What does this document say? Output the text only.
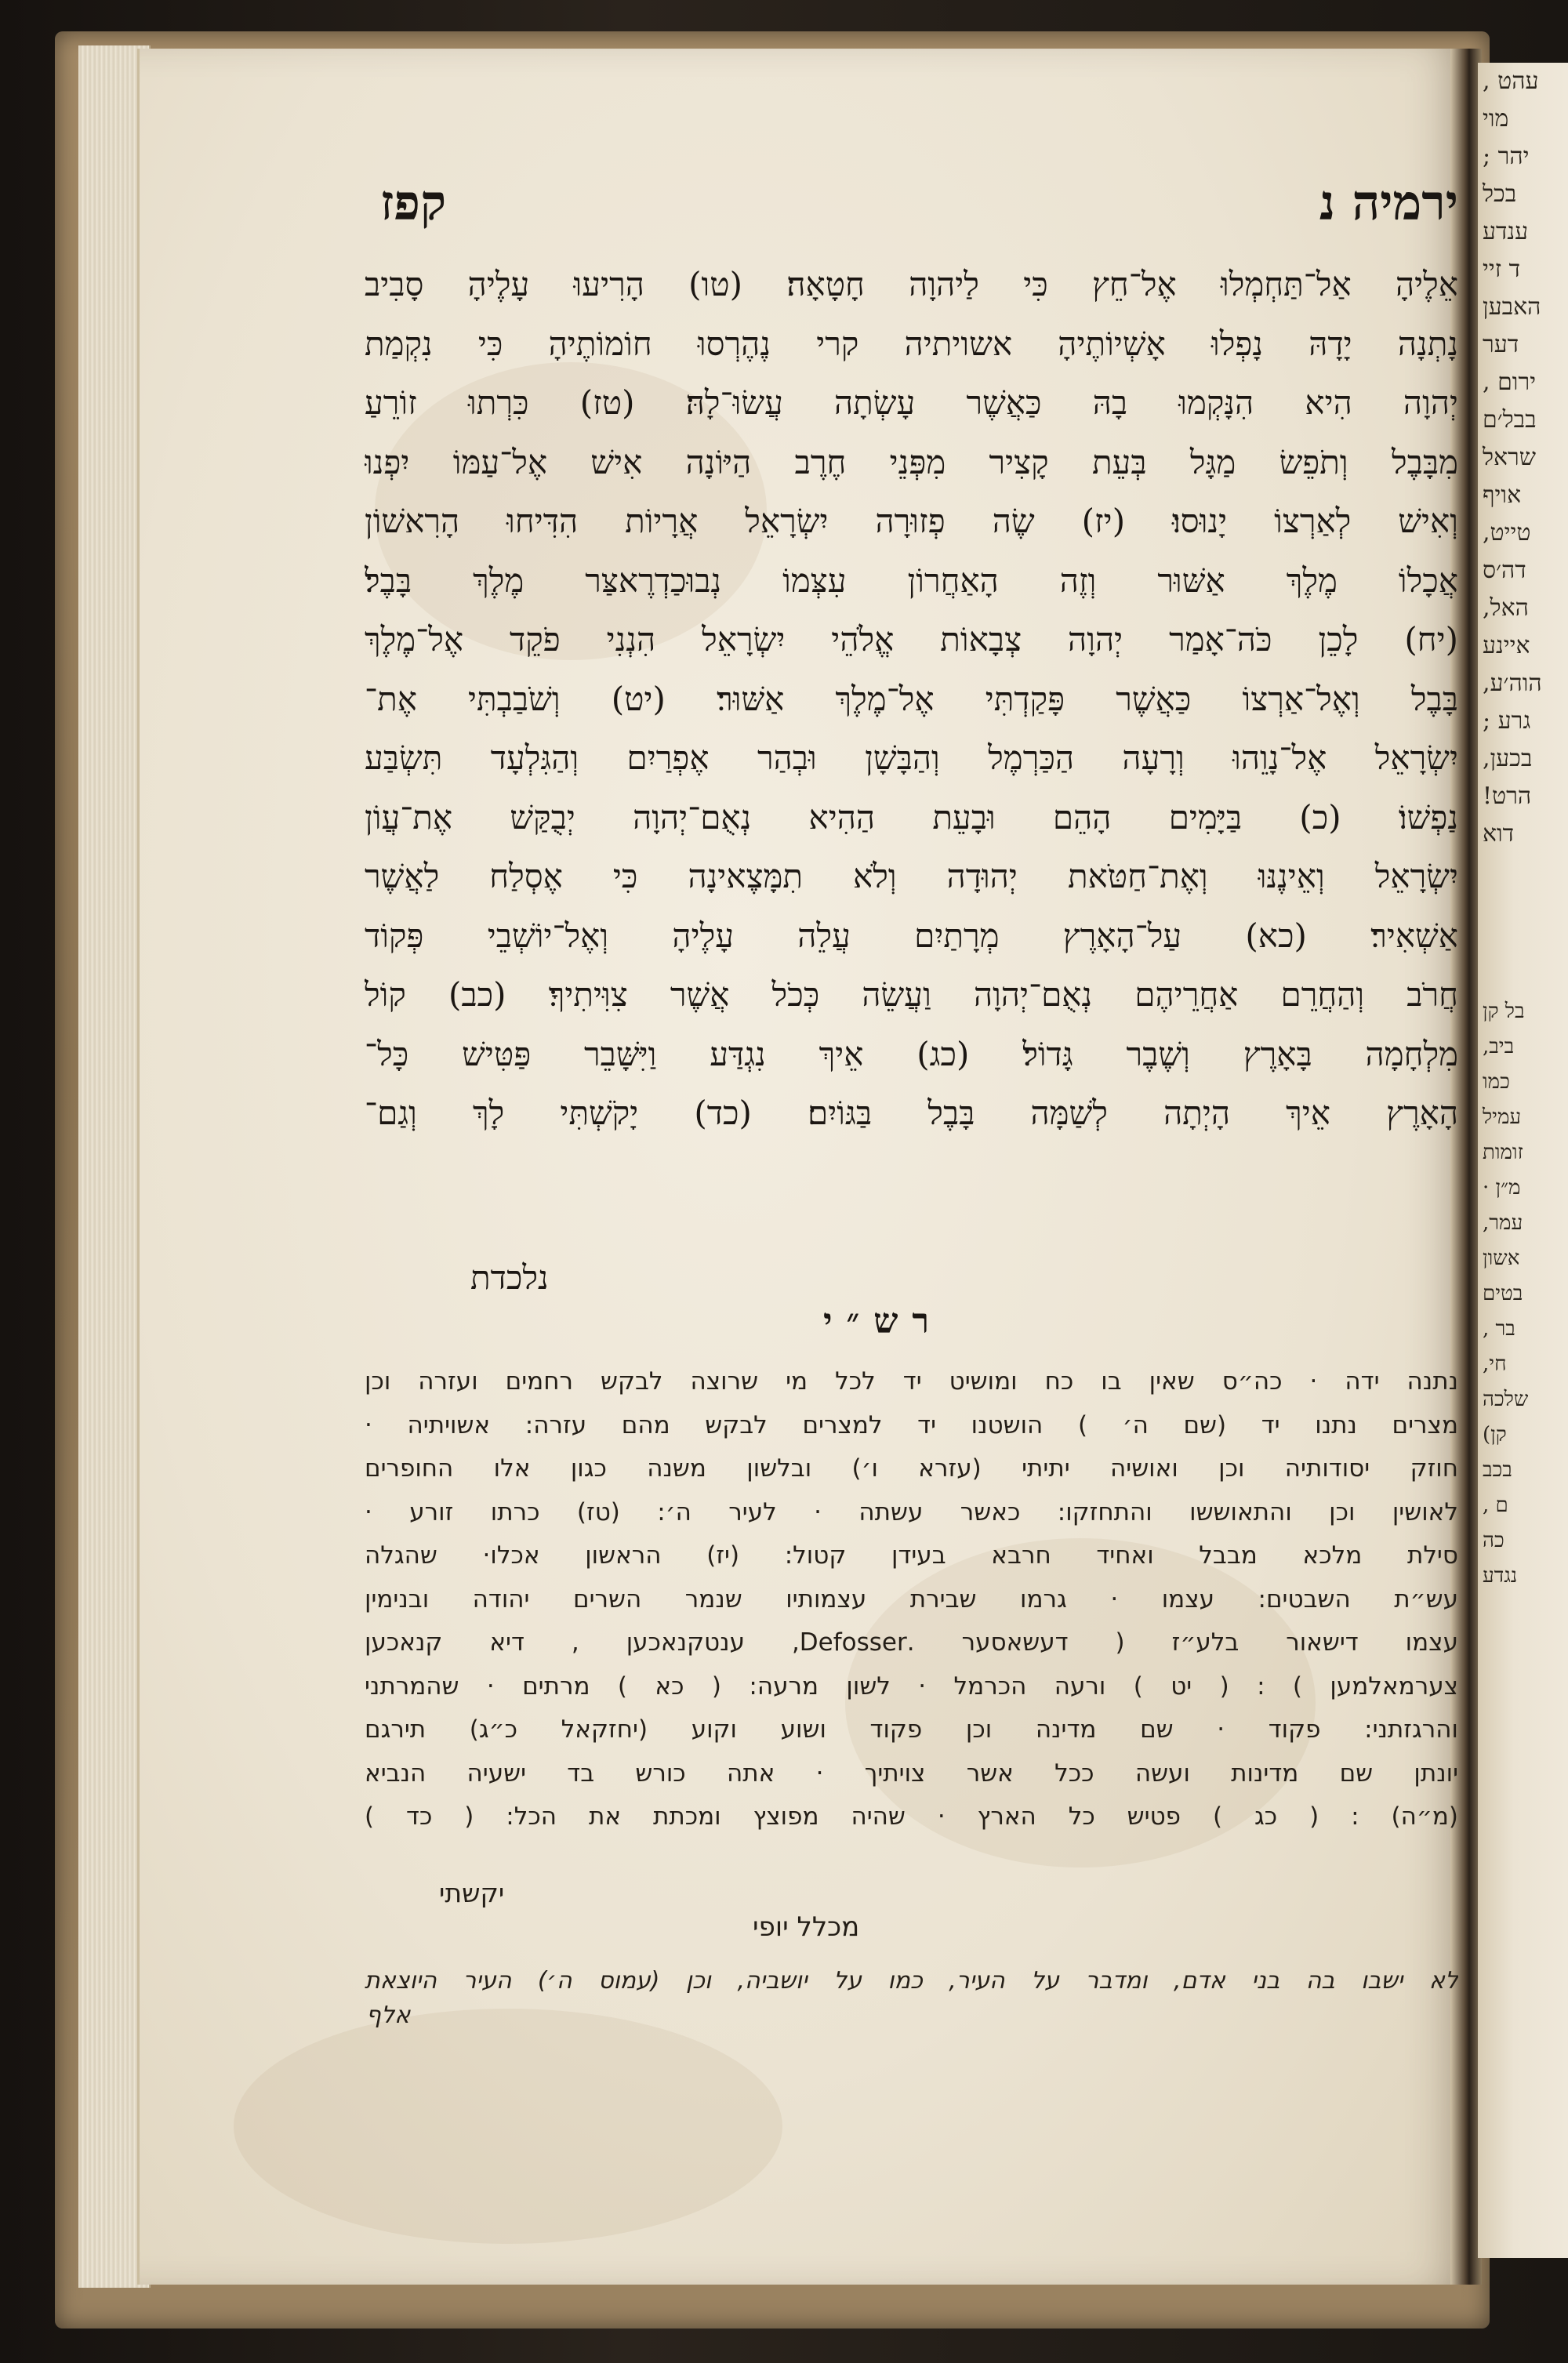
עהט ,
מוי
יהר ;
בכל
ענדע
ד זיי
האבען
דער
ירום ,
בבל׳ם
שראל
אויף
טייט,
דה׳ס
האל,
איינע
הוה׳ע,
גרע ;
בכען,
הרט!
דוא
בל קן
ביב,
כמו
עמיל
זומות
מ״ן ·
עמר,
אשון
בטים
בר ,
חי,
שלכה
קן)
בכב
ם ,
כה
נגדע
ירמיה נ
קפז
אֵלֶיהָ אַל־תַּחְמְלוּ אֶל־חֵץ כִּי לַיהוָה חָטָאָה׃ (טו) הָרִיעוּ עָלֶיהָ סָבִיב
נָתְנָה יָדָהּ נָפְלוּ אָשְׁיוֹתֶיהָ אשויתיה קרי נֶהֶרְסוּ חוֹמוֹתֶיהָ כִּי נִקְמַת
יְהוָה הִיא הִנָּקְמוּ בָהּ כַּאֲשֶׁר עָשְׂתָה עֲשׂוּ־לָהּ׃ (טז) כִּרְתוּ זוֹרֵעַ
מִבָּבֶל וְתֹפֵשׂ מַגָּל בְּעֵת קָצִיר מִפְּנֵי חֶרֶב הַיּוֹנָה אִישׁ אֶל־עַמּוֹ יִפְנוּ
וְאִישׁ לְאַרְצוֹ יָנוּסוּ׃ (יז) שֶׂה פְזוּרָה יִשְׂרָאֵל אֲרָיוֹת הִדִּיחוּ הָרִאשׁוֹן
אֲכָלוֹ מֶלֶךְ אַשּׁוּר וְזֶה הָאַחֲרוֹן עִצְּמוֹ נְבוּכַדְרֶאצַּר מֶלֶךְ בָּבֶל׃
(יח) לָכֵן כֹּה־אָמַר יְהוָה צְבָאוֹת אֱלֹהֵי יִשְׂרָאֵל הִנְנִי פֹקֵד אֶל־מֶלֶךְ
בָּבֶל וְאֶל־אַרְצוֹ כַּאֲשֶׁר פָּקַדְתִּי אֶל־מֶלֶךְ אַשּׁוּר׃ (יט) וְשֹׁבַבְתִּי אֶת־
יִשְׂרָאֵל אֶל־נָוֵהוּ וְרָעָה הַכַּרְמֶל וְהַבָּשָׁן וּבְהַר אֶפְרַיִם וְהַגִּלְעָד תִּשְׂבַּע
נַפְשׁוֹ׃ (כ) בַּיָּמִים הָהֵם וּבָעֵת הַהִיא נְאֻם־יְהוָה יְבֻקַּשׁ אֶת־עֲוֹן
יִשְׂרָאֵל וְאֵינֶנּוּ וְאֶת־חַטֹּאת יְהוּדָה וְלֹא תִמָּצֶאינָה כִּי אֶסְלַח לַאֲשֶׁר
אַשְׁאִיר׃ (כא) עַל־הָאָרֶץ מְרָתַיִם עֲלֵה עָלֶיהָ וְאֶל־יוֹשְׁבֵי פְּקוֹד
חֲרֹב וְהַחֲרֵם אַחֲרֵיהֶם נְאֻם־יְהוָה וַעֲשֵׂה כְּכֹל אֲשֶׁר צִוִּיתִיךָ׃ (כב) קוֹל
מִלְחָמָה בָּאָרֶץ וְשֶׁבֶר גָּדוֹל׃ (כג) אֵיךְ נִגְדַּע וַיִּשָּׁבֵר פַּטִּישׁ כָּל־
הָאָרֶץ אֵיךְ הָיְתָה לְשַׁמָּה בָּבֶל בַּגּוֹיִם׃ (כד) יָקֹשְׁתִּי לָךְ וְגַם־
נלכדת
רש״י
נתנה ידה · כה״ס שאין בו כח ומושיט יד לכל מי שרוצה לבקש רחמים ועזרה וכן
מצרים נתנו יד (שם ה׳ ) הושטנו יד למצרים לבקש מהם עזרה: אשויתיה ·
חוזק יסודותיה וכן ואושיה יתיתי (עזרא ו׳) ובלשון משנה כגון אלו החופרים
לאושין וכן והתאוששו והתחזקו: כאשר עשתה · לעיר ה׳: (טז) כרתו זורע ·
סילת מלכא מבבל ואחיד חרבא בעידן קטול: (יז) הראשון אכלו· שהגלה
עש״ת השבטים: עצמו · גרמו שבירת עצמותיו שנמר השרים יהודה ובנימין
עצמו דישאור בלע״ז ( דעשאסער .Defosser, ענטקנאכען , דיא קנאכען
צערמאלמען ) : ( יט ) ורעה הכרמל · לשון מרעה: ( כא ) מרתים · שהמרתני
והרגזתני: פקוד · שם מדינה וכן פקוד ושוע וקוע (יחזקאל כ״ג) תירגם
יונתן שם מדינות ועשה ככל אשר צויתיך · אתה כורש בד ישעיה הנביא
(מ״ה) : ( כג ) פטיש כל הארץ · שהיה מפוצץ ומכתת את הכל: ( כד )
יקשתי
מכלל יופי
לא ישבו בה בני אדם, ומדבר על העיר, כמו על יושביה, וכן (עמוס ה׳) העיר היוצאת
אלף
